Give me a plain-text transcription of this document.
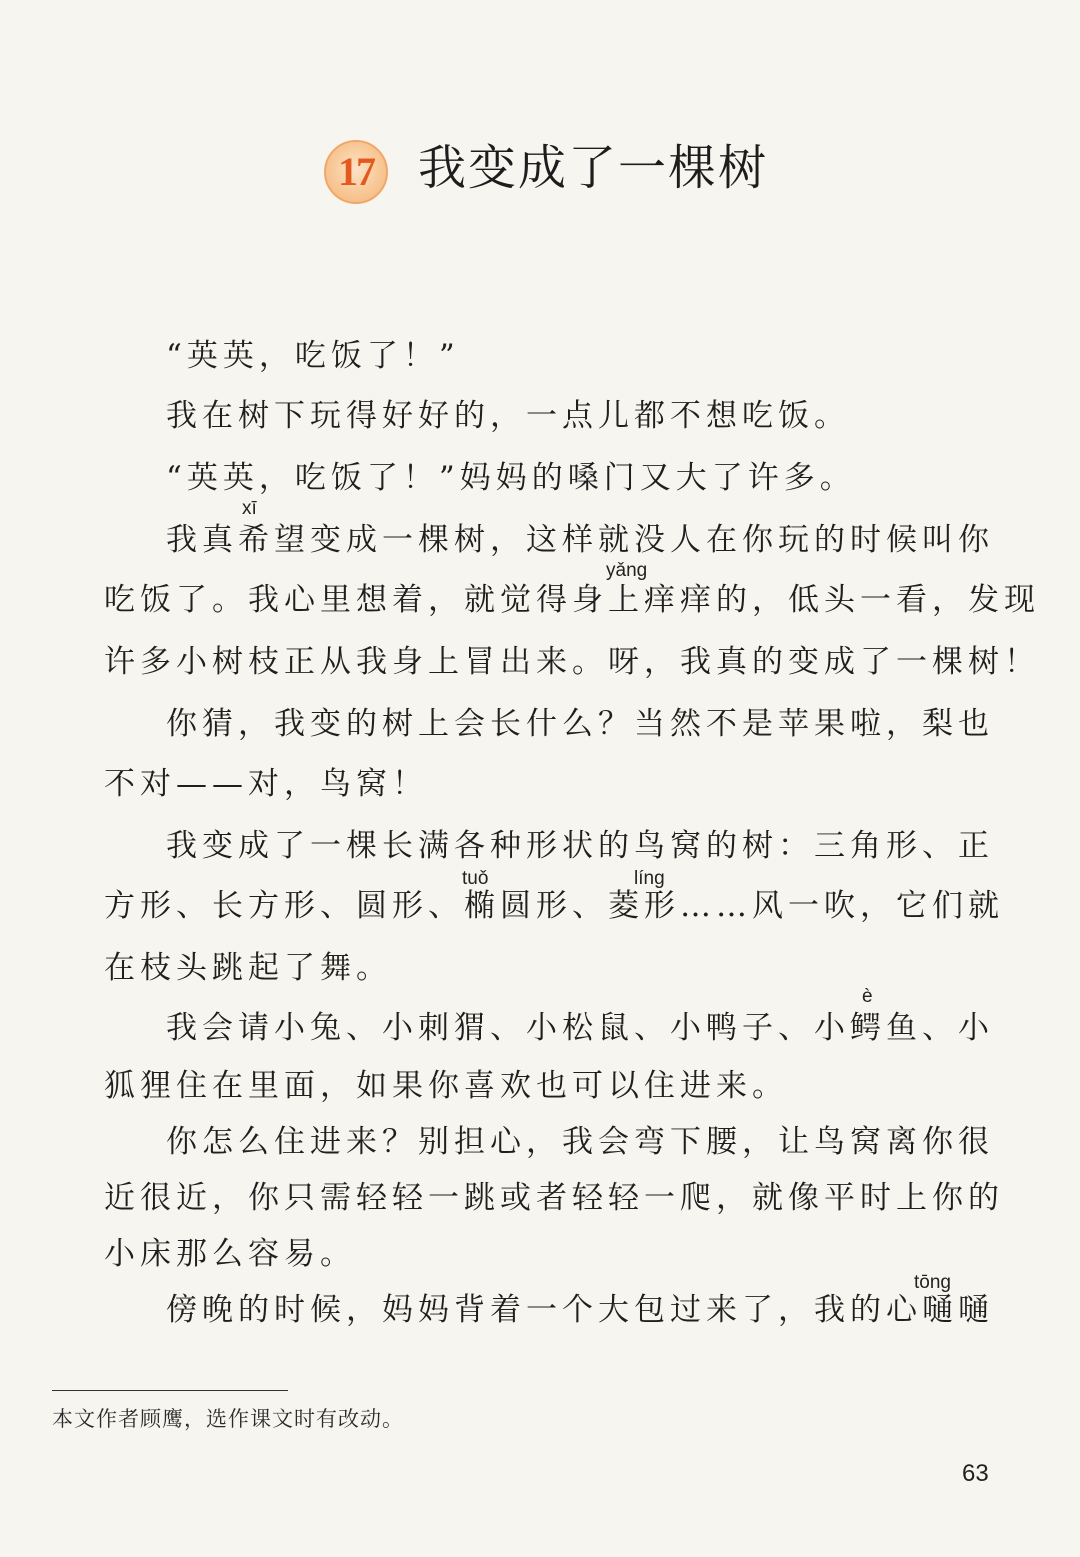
17 我变成了一棵树
“英英，吃饭了！”
我在树下玩得好好的，一点儿都不想吃饭。
“英英，吃饭了！”妈妈的嗓门又大了许多。
xī
我真希望变成一棵树，这样就没人在你玩的时候叫你
yǎng
吃饭了。我心里想着，就觉得身上痒痒的，低头一看，发现
许多小树枝正从我身上冒出来。呀，我真的变成了一棵树！
你猜，我变的树上会长什么？当然不是苹果啦，梨也
不对——对，鸟窝！
我变成了一棵长满各种形状的鸟窝的树：三角形、正
tuǒ	líng
方形、长方形、圆形、椭圆形、菱形……风一吹，它们就
在枝头跳起了舞。
è
我会请小兔、小刺猬、小松鼠、小鸭子、小鳄鱼、小
狐狸住在里面，如果你喜欢也可以住进来。
你怎么住进来？别担心，我会弯下腰，让鸟窝离你很
近很近，你只需轻轻一跳或者轻轻一爬，就像平时上你的
小床那么容易。
tōng
傍晚的时候，妈妈背着一个大包过来了，我的心嗵嗵
本文作者顾鹰，选作课文时有改动。
63
